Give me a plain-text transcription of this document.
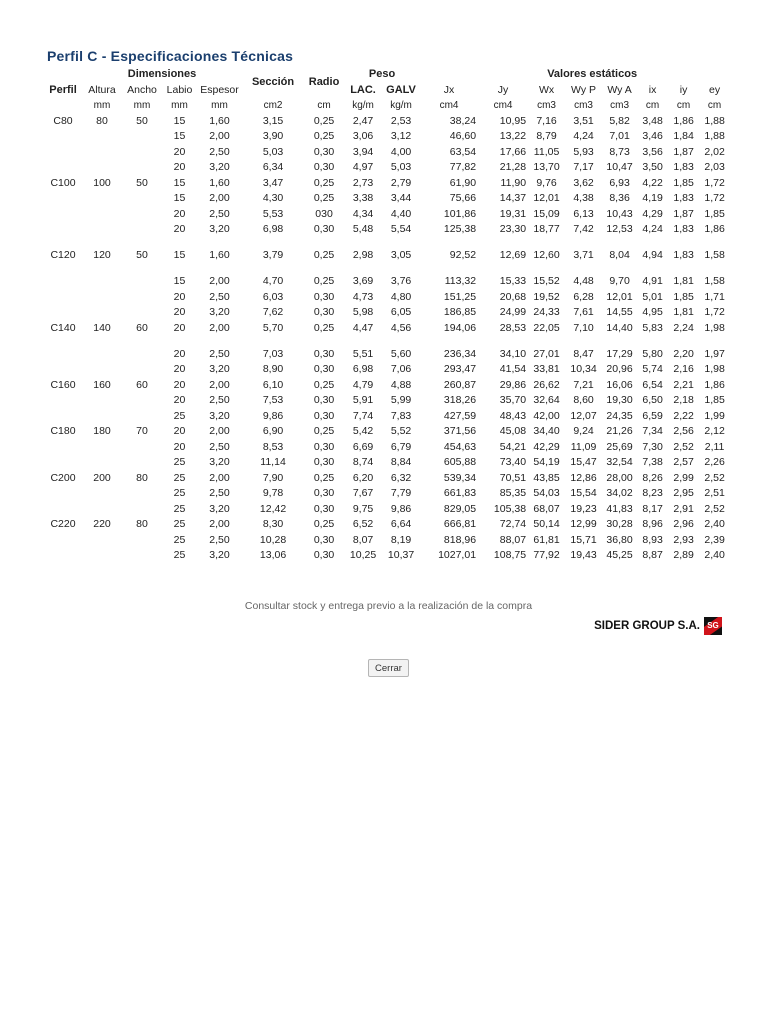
Perfil C - Especificaciones Técnicas
	Dimensiones				Sección	Radio	Peso				Valores estáticos					
Perfil	Altura	Ancho	Labio	Espesor			LAC.	GALV	Jx	Jy	Wx	Wy P	Wy A	ix	iy	ey
	mm	mm	mm	mm	cm2	cm	kg/m	kg/m	cm4	cm4	cm3	cm3	cm3	cm	cm	cm
C80	80	50	15	1,60	3,15	0,25	2,47	2,53	38,24	10,95	7,16	3,51	5,82	3,48	1,86	1,88
			15	2,00	3,90	0,25	3,06	3,12	46,60	13,22	8,79	4,24	7,01	3,46	1,84	1,88
			20	2,50	5,03	0,30	3,94	4,00	63,54	17,66	11,05	5,93	8,73	3,56	1,87	2,02
			20	3,20	6,34	0,30	4,97	5,03	77,82	21,28	13,70	7,17	10,47	3,50	1,83	2,03
C100	100	50	15	1,60	3,47	0,25	2,73	2,79	61,90	11,90	9,76	3,62	6,93	4,22	1,85	1,72
			15	2,00	4,30	0,25	3,38	3,44	75,66	14,37	12,01	4,38	8,36	4,19	1,83	1,72
			20	2,50	5,53	030	4,34	4,40	101,86	19,31	15,09	6,13	10,43	4,29	1,87	1,85
			20	3,20	6,98	0,30	5,48	5,54	125,38	23,30	18,77	7,42	12,53	4,24	1,83	1,86
C120	120	50	15	1,60	3,79	0,25	2,98	3,05	92,52	12,69	12,60	3,71	8,04	4,94	1,83	1,58
			15	2,00	4,70	0,25	3,69	3,76	113,32	15,33	15,52	4,48	9,70	4,91	1,81	1,58
			20	2,50	6,03	0,30	4,73	4,80	151,25	20,68	19,52	6,28	12,01	5,01	1,85	1,71
			20	3,20	7,62	0,30	5,98	6,05	186,85	24,99	24,33	7,61	14,55	4,95	1,81	1,72
C140	140	60	20	2,00	5,70	0,25	4,47	4,56	194,06	28,53	22,05	7,10	14,40	5,83	2,24	1,98
			20	2,50	7,03	0,30	5,51	5,60	236,34	34,10	27,01	8,47	17,29	5,80	2,20	1,97
			20	3,20	8,90	0,30	6,98	7,06	293,47	41,54	33,81	10,34	20,96	5,74	2,16	1,98
C160	160	60	20	2,00	6,10	0,25	4,79	4,88	260,87	29,86	26,62	7,21	16,06	6,54	2,21	1,86
			20	2,50	7,53	0,30	5,91	5,99	318,26	35,70	32,64	8,60	19,30	6,50	2,18	1,85
			25	3,20	9,86	0,30	7,74	7,83	427,59	48,43	42,00	12,07	24,35	6,59	2,22	1,99
C180	180	70	20	2,00	6,90	0,25	5,42	5,52	371,56	45,08	34,40	9,24	21,26	7,34	2,56	2,12
			20	2,50	8,53	0,30	6,69	6,79	454,63	54,21	42,29	11,09	25,69	7,30	2,52	2,11
			25	3,20	11,14	0,30	8,74	8,84	605,88	73,40	54,19	15,47	32,54	7,38	2,57	2,26
C200	200	80	25	2,00	7,90	0,25	6,20	6,32	539,34	70,51	43,85	12,86	28,00	8,26	2,99	2,52
			25	2,50	9,78	0,30	7,67	7,79	661,83	85,35	54,03	15,54	34,02	8,23	2,95	2,51
			25	3,20	12,42	0,30	9,75	9,86	829,05	105,38	68,07	19,23	41,83	8,17	2,91	2,52
C220	220	80	25	2,00	8,30	0,25	6,52	6,64	666,81	72,74	50,14	12,99	30,28	8,96	2,96	2,40
			25	2,50	10,28	0,30	8,07	8,19	818,96	88,07	61,81	15,71	36,80	8,93	2,93	2,39
			25	3,20	13,06	0,30	10,25	10,37	1027,01	108,75	77,92	19,43	45,25	8,87	2,89	2,40
Consultar stock y entrega previo a la realización de la compra
SIDER GROUP S.A. SG
Cerrar
